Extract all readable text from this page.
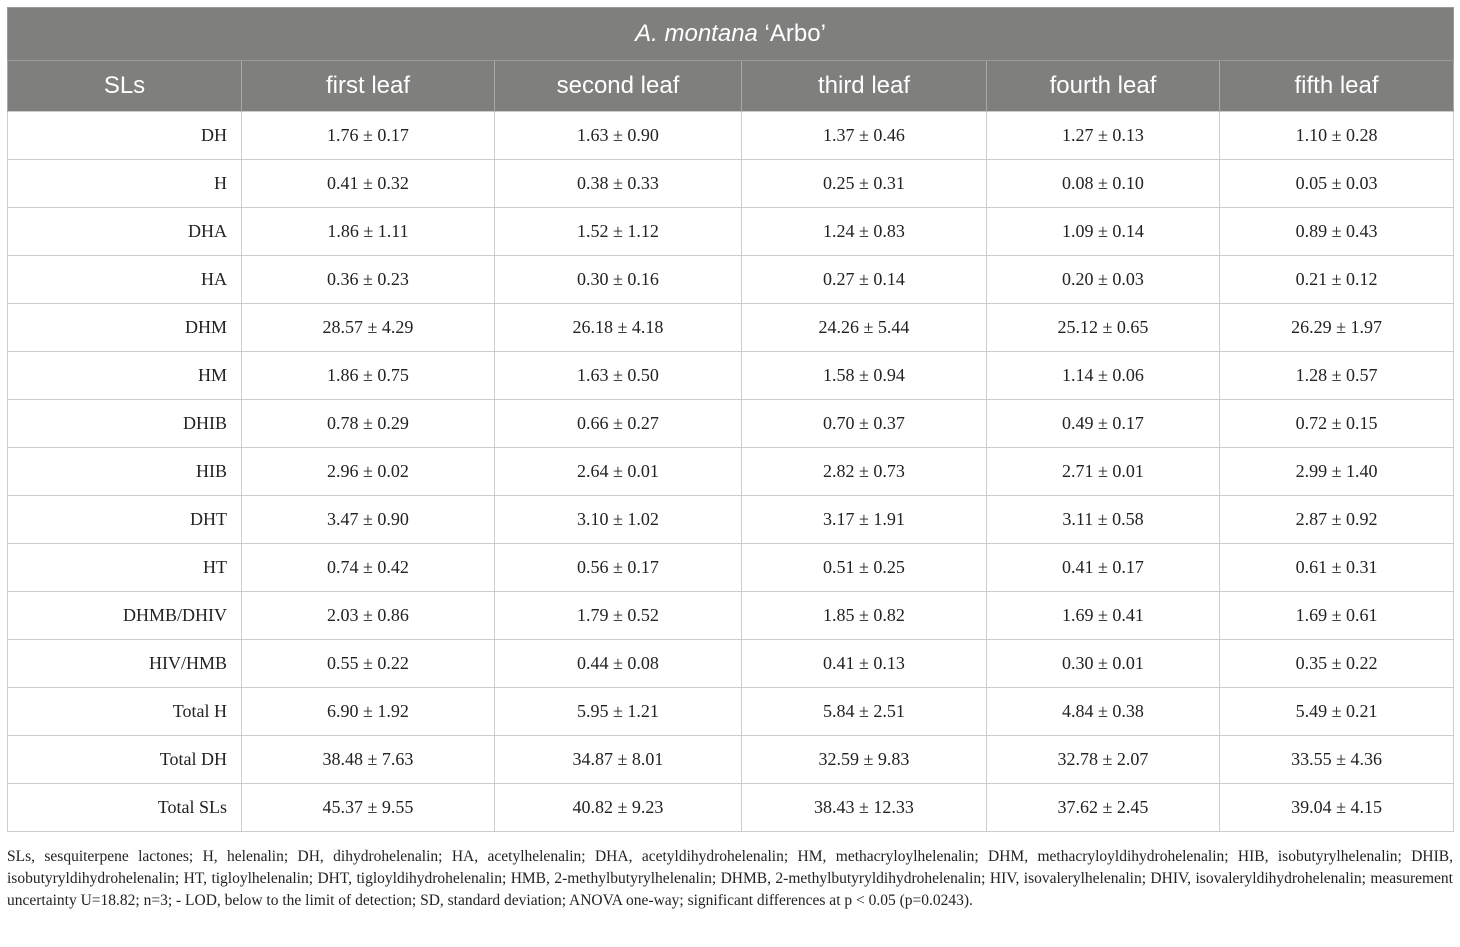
A. montana ‘Arbo’					
SLs	first leaf	second leaf	third leaf	fourth leaf	fifth leaf
DH	1.76 ± 0.17	1.63 ± 0.90	1.37 ± 0.46	1.27 ± 0.13	1.10 ± 0.28
H	0.41 ± 0.32	0.38 ± 0.33	0.25 ± 0.31	0.08 ± 0.10	0.05 ± 0.03
DHA	1.86 ± 1.11	1.52 ± 1.12	1.24 ± 0.83	1.09 ± 0.14	0.89 ± 0.43
HA	0.36 ± 0.23	0.30 ± 0.16	0.27 ± 0.14	0.20 ± 0.03	0.21 ± 0.12
DHM	28.57 ± 4.29	26.18 ± 4.18	24.26 ± 5.44	25.12 ± 0.65	26.29 ± 1.97
HM	1.86 ± 0.75	1.63 ± 0.50	1.58 ± 0.94	1.14 ± 0.06	1.28 ± 0.57
DHIB	0.78 ± 0.29	0.66 ± 0.27	0.70 ± 0.37	0.49 ± 0.17	0.72 ± 0.15
HIB	2.96 ± 0.02	2.64 ± 0.01	2.82 ± 0.73	2.71 ± 0.01	2.99 ± 1.40
DHT	3.47 ± 0.90	3.10 ± 1.02	3.17 ± 1.91	3.11 ± 0.58	2.87 ± 0.92
HT	0.74 ± 0.42	0.56 ± 0.17	0.51 ± 0.25	0.41 ± 0.17	0.61 ± 0.31
DHMB/DHIV	2.03 ± 0.86	1.79 ± 0.52	1.85 ± 0.82	1.69 ± 0.41	1.69 ± 0.61
HIV/HMB	0.55 ± 0.22	0.44 ± 0.08	0.41 ± 0.13	0.30 ± 0.01	0.35 ± 0.22
Total H	6.90 ± 1.92	5.95 ± 1.21	5.84 ± 2.51	4.84 ± 0.38	5.49 ± 0.21
Total DH	38.48 ± 7.63	34.87 ± 8.01	32.59 ± 9.83	32.78 ± 2.07	33.55 ± 4.36
Total SLs	45.37 ± 9.55	40.82 ± 9.23	38.43 ± 12.33	37.62 ± 2.45	39.04 ± 4.15
SLs, sesquiterpene lactones; H, helenalin; DH, dihydrohelenalin; HA, acetylhelenalin; DHA, acetyldihydrohelenalin; HM, methacryloylhelenalin; DHM, methacryloyldihydrohelenalin; HIB, isobutyrylhelenalin; DHIB, isobutyryldihydrohelenalin; HT, tigloylhelenalin; DHT, tigloyldihydrohelenalin; HMB, 2-methylbutyrylhelenalin; DHMB, 2-methylbutyryldihydrohelenalin; HIV, isovalerylhelenalin; DHIV, isovaleryldihydrohelenalin; measurement uncertainty U=18.82; n=3; - LOD, below to the limit of detection; SD, standard deviation; ANOVA one-way; significant differences at p < 0.05 (p=0.0243).
